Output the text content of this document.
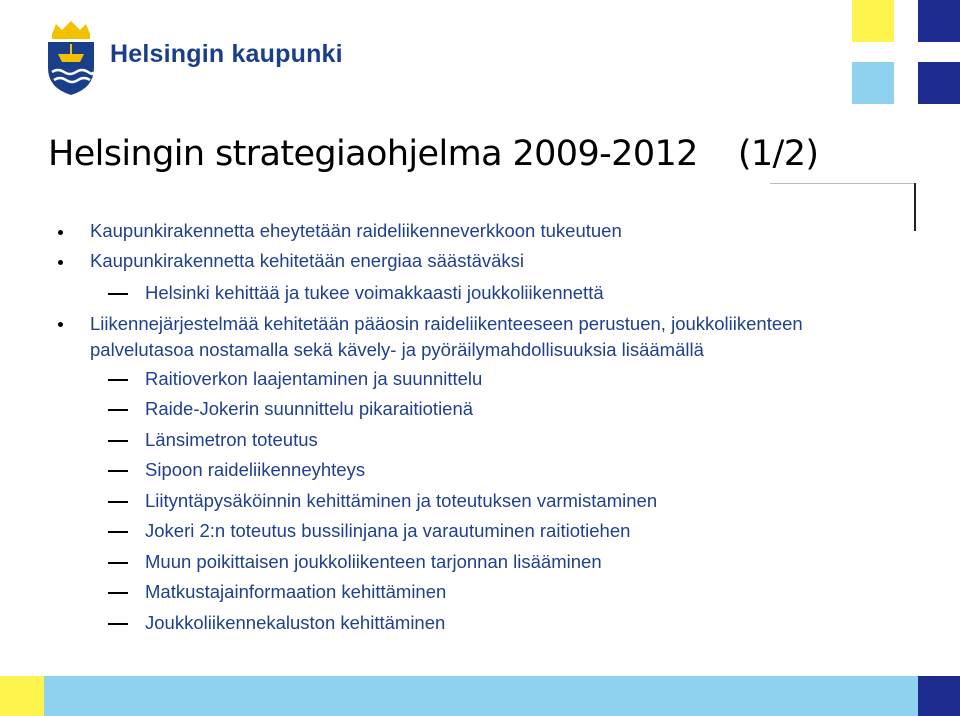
Helsingin kaupunki
Helsingin strategiaohjelma 2009-2012 (1/2)
Kaupunkirakennetta eheytetään raideliikenneverkkoon tukeutuen
Kaupunkirakennetta kehitetään energiaa säästäväksi
Helsinki kehittää ja tukee voimakkaasti joukkoliikennettä
Liikennejärjestelmää kehitetään pääosin raideliikenteeseen perustuen, joukkoliikenteen
palvelutasoa nostamalla sekä kävely- ja pyöräilymahdollisuuksia lisäämällä
Raitioverkon laajentaminen ja suunnittelu
Raide-Jokerin suunnittelu pikaraitiotienä
Länsimetron toteutus
Sipoon raideliikenneyhteys
Liityntäpysäköinnin kehittäminen ja toteutuksen varmistaminen
Jokeri 2:n toteutus bussilinjana ja varautuminen raitiotiehen
Muun poikittaisen joukkoliikenteen tarjonnan lisääminen
Matkustajainformaation kehittäminen
Joukkoliikennekaluston kehittäminen
